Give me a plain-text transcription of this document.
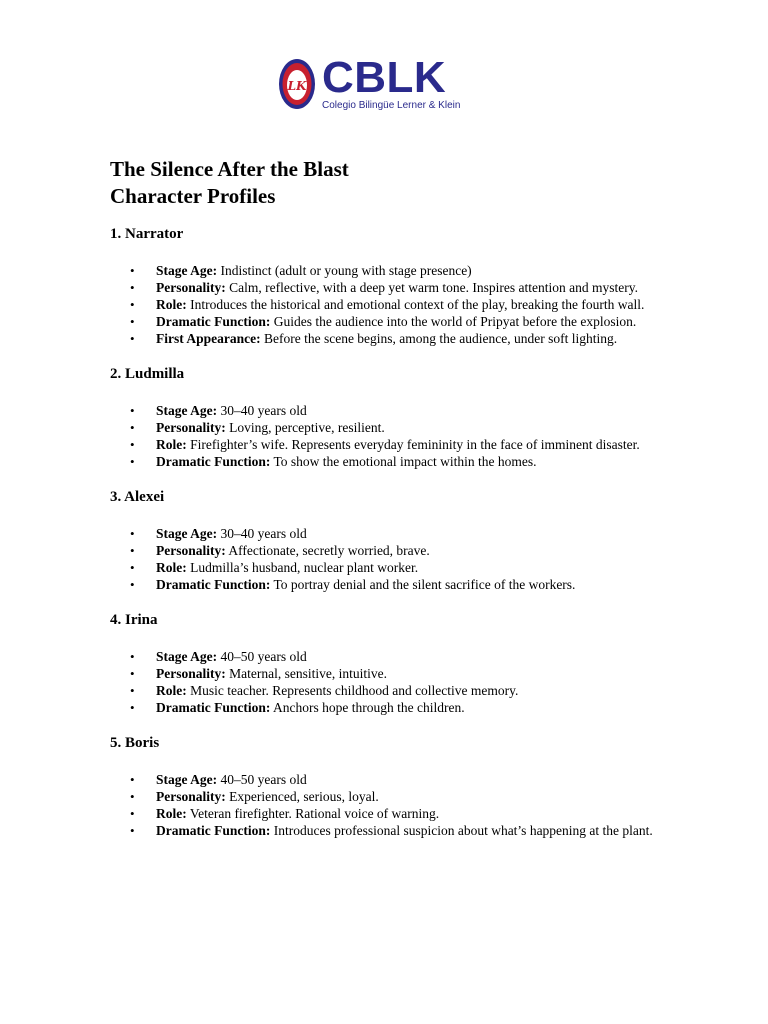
LK CBLK
Colegio Bilingüe Lerner & Klein

The Silence After the Blast

Character Profiles

1. Narrator

• Stage Age: Indistinct (adult or young with stage presence)
• Personality: Calm, reflective, with a deep yet warm tone. Inspires attention and mystery.
• Role: Introduces the historical and emotional context of the play, breaking the fourth wall.
• Dramatic Function: Guides the audience into the world of Pripyat before the explosion.
• First Appearance: Before the scene begins, among the audience, under soft lighting.

2. Ludmilla

• Stage Age: 30–40 years old
• Personality: Loving, perceptive, resilient.
• Role: Firefighter’s wife. Represents everyday femininity in the face of imminent disaster.
• Dramatic Function: To show the emotional impact within the homes.

3. Alexei

• Stage Age: 30–40 years old
• Personality: Affectionate, secretly worried, brave.
• Role: Ludmilla’s husband, nuclear plant worker.
• Dramatic Function: To portray denial and the silent sacrifice of the workers.

4. Irina

• Stage Age: 40–50 years old
• Personality: Maternal, sensitive, intuitive.
• Role: Music teacher. Represents childhood and collective memory.
• Dramatic Function: Anchors hope through the children.

5. Boris

• Stage Age: 40–50 years old
• Personality: Experienced, serious, loyal.
• Role: Veteran firefighter. Rational voice of warning.
• Dramatic Function: Introduces professional suspicion about what’s happening at the plant.
